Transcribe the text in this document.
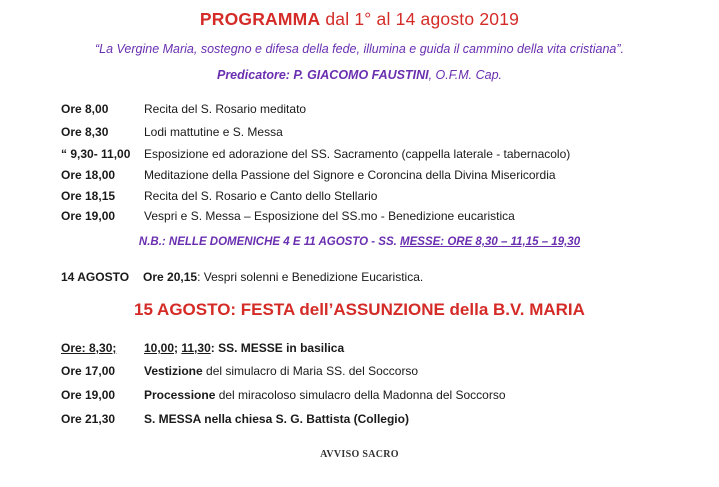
PROGRAMMA dal 1° al 14 agosto 2019
“La Vergine Maria, sostegno e difesa della fede, illumina e guida il cammino della vita cristiana”.
Predicatore: P. GIACOMO FAUSTINI, O.F.M. Cap.
Ore 8,00	Recita del S. Rosario meditato
Ore 8,30	Lodi mattutine e S. Messa
“ 9,30- 11,00 Esposizione ed adorazione del SS. Sacramento (cappella laterale - tabernacolo)
Ore 18,00 Meditazione della Passione del Signore e Coroncina della Divina Misericordia
Ore 18,15 Recita del S. Rosario e Canto dello Stellario
Ore 19,00 Vespri e S. Messa – Esposizione del SS.mo - Benedizione eucaristica
N.B.: NELLE DOMENICHE 4 E 11 AGOSTO - SS. MESSE: ORE 8,30 – 11,15 – 19,30
14 AGOSTO Ore 20,15: Vespri solenni e Benedizione Eucaristica.
15 AGOSTO: FESTA dell’ASSUNZIONE della B.V. MARIA
Ore: 8,30; 10,00; 11,30: SS. MESSE in basilica
Ore 17,00 Vestizione del simulacro di Maria SS. del Soccorso
Ore 19,00 Processione del miracoloso simulacro della Madonna del Soccorso
Ore 21,30 S. MESSA nella chiesa S. G. Battista (Collegio)
AVVISO SACRO
